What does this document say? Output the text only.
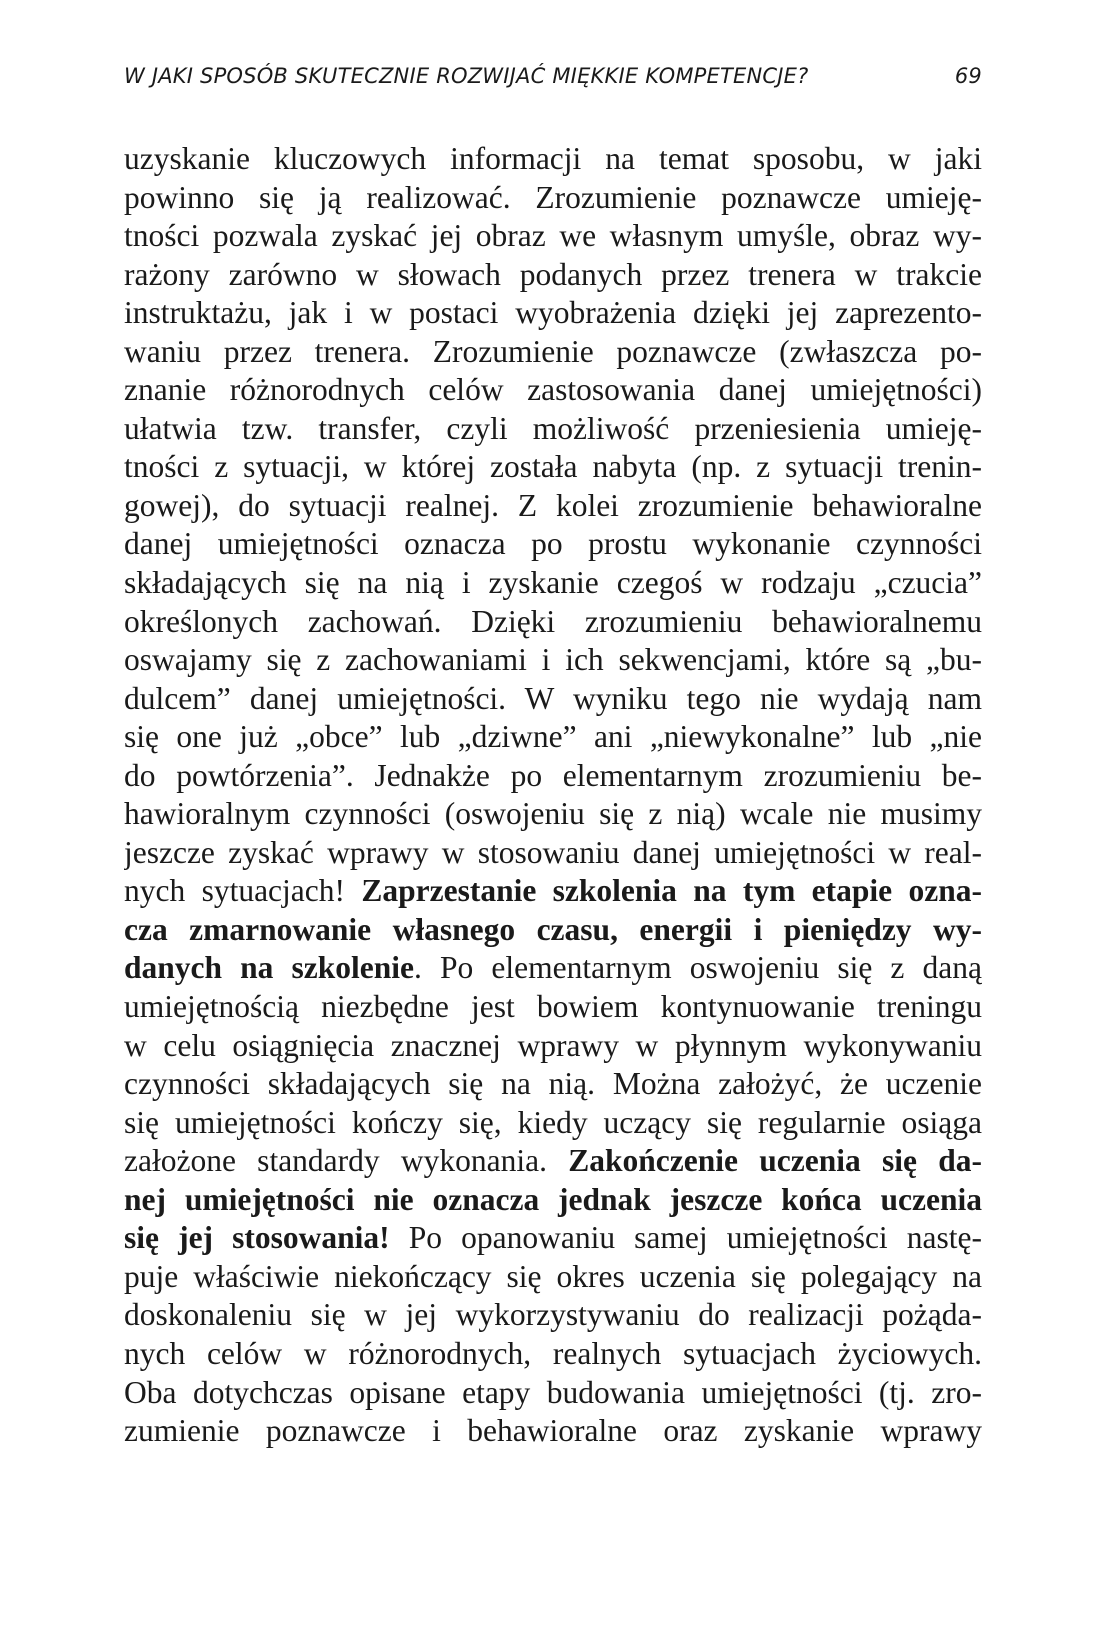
W JAKI SPOSÓB SKUTECZNIE ROZWIJAĆ MIĘKKIE KOMPETENCJE?	69
uzyskanie kluczowych informacji na temat sposobu, w jaki
powinno się ją realizować. Zrozumienie poznawcze umieję-
tności pozwala zyskać jej obraz we własnym umyśle, obraz wy-
rażony zarówno w słowach podanych przez trenera w trakcie
instruktażu, jak i w postaci wyobrażenia dzięki jej zaprezento-
waniu przez trenera. Zrozumienie poznawcze (zwłaszcza po-
znanie różnorodnych celów zastosowania danej umiejętności)
ułatwia tzw. transfer, czyli możliwość przeniesienia umieję-
tności z sytuacji, w której została nabyta (np. z sytuacji trenin-
gowej), do sytuacji realnej. Z kolei zrozumienie behawioralne
danej umiejętności oznacza po prostu wykonanie czynności
składających się na nią i zyskanie czegoś w rodzaju „czucia”
określonych zachowań. Dzięki zrozumieniu behawioralnemu
oswajamy się z zachowaniami i ich sekwencjami, które są „bu-
dulcem” danej umiejętności. W wyniku tego nie wydają nam
się one już „obce” lub „dziwne” ani „niewykonalne” lub „nie
do powtórzenia”. Jednakże po elementarnym zrozumieniu be-
hawioralnym czynności (oswojeniu się z nią) wcale nie musimy
jeszcze zyskać wprawy w stosowaniu danej umiejętności w real-
nych sytuacjach! Zaprzestanie szkolenia na tym etapie ozna-
cza zmarnowanie własnego czasu, energii i pieniędzy wy-
danych na szkolenie. Po elementarnym oswojeniu się z daną
umiejętnością niezbędne jest bowiem kontynuowanie treningu
w celu osiągnięcia znacznej wprawy w płynnym wykonywaniu
czynności składających się na nią. Można założyć, że uczenie
się umiejętności kończy się, kiedy uczący się regularnie osiąga
założone standardy wykonania. Zakończenie uczenia się da-
nej umiejętności nie oznacza jednak jeszcze końca uczenia
się jej stosowania! Po opanowaniu samej umiejętności nastę-
puje właściwie niekończący się okres uczenia się polegający na
doskonaleniu się w jej wykorzystywaniu do realizacji pożąda-
nych celów w różnorodnych, realnych sytuacjach życiowych.
Oba dotychczas opisane etapy budowania umiejętności (tj. zro-
zumienie poznawcze i behawioralne oraz zyskanie wprawy
